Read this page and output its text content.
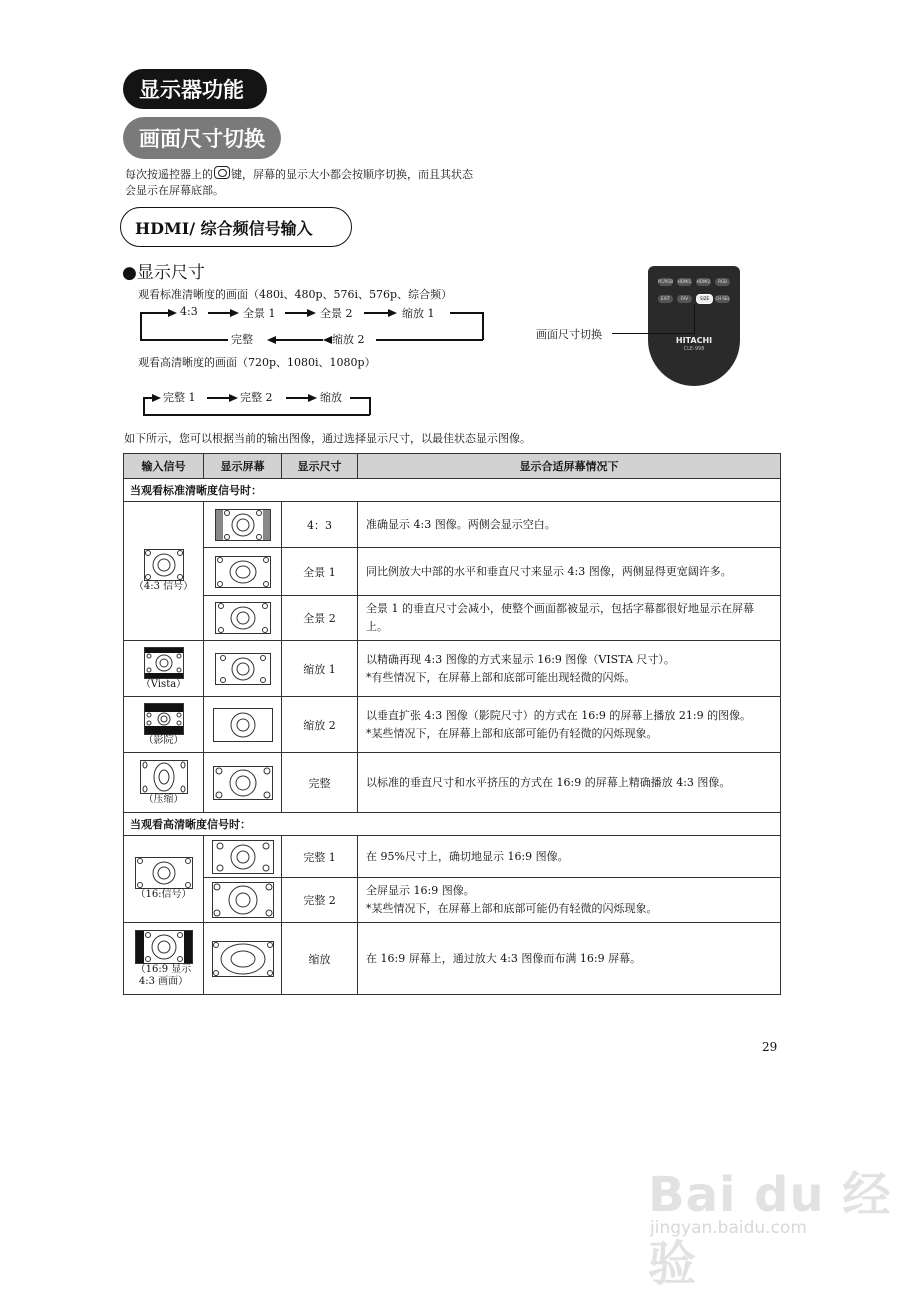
显示器功能
画面尺寸切换
每次按遥控器上的 键，屏幕的显示大小都会按顺序切换，而且其状态
会显示在屏幕底部。
HDMI/ 综合频信号输入
●显示尺寸
观看标准清晰度的画面（480i、480p、576i、576p、综合频）
4:3	全景 1	全景 2	缩放 1
缩放 2
完整
观看高清晰度的画面（720p、1080i、1080p）
完整 1	完整 2	缩放
PC/RGB HDMI1 HDMI2	RGB
EXIT	FAV	SIZE	CH SEL
HITACHI
CLE-998
画面尺寸切换
如下所示，您可以根据当前的输出图像，通过选择显示尺寸，以最佳状态显示图像。
输入信号	显示屏幕	显示尺寸	显示合适屏幕情况下
当观看标准清晰度信号时：			

（4:3 信号）		4：3	准确显示 4:3 图像。两侧会显示空白。

	全景 1	同比例放大中部的水平和垂直尺寸来显示 4:3 图像，两侧显得更宽阔许多。

	全景 2	全景 1 的垂直尺寸会减小，使整个画面都被显示，包括字幕都很好地显示在屏幕上。

（Vista）		缩放 1	以精确再现 4:3 图像的方式来显示 16:9 图像（VISTA 尺寸）。
*有些情况下，在屏幕上部和底部可能出现轻微的闪烁。

（影院）		缩放 2	以垂直扩张 4:3 图像（影院尺寸）的方式在 16:9 的屏幕上播放 21:9 的图像。
*某些情况下，在屏幕上部和底部可能仍有轻微的闪烁现象。

（压缩）		完整	以标准的垂直尺寸和水平挤压的方式在 16:9 的屏幕上精确播放 4:3 图像。
当观看高清晰度信号时：			

（16:信号）		完整 1	在 95%尺寸上，确切地显示 16:9 图像。

	完整 2	全屏显示 16:9 图像。
*某些情况下，在屏幕上部和底部可能仍有轻微的闪烁现象。

（16:9 显示
4:3 画面）		缩放	在 16:9 屏幕上，通过放大 4:3 图像而布满 16:9 屏幕。
29
Bai du 经验
jingyan.baidu.com
